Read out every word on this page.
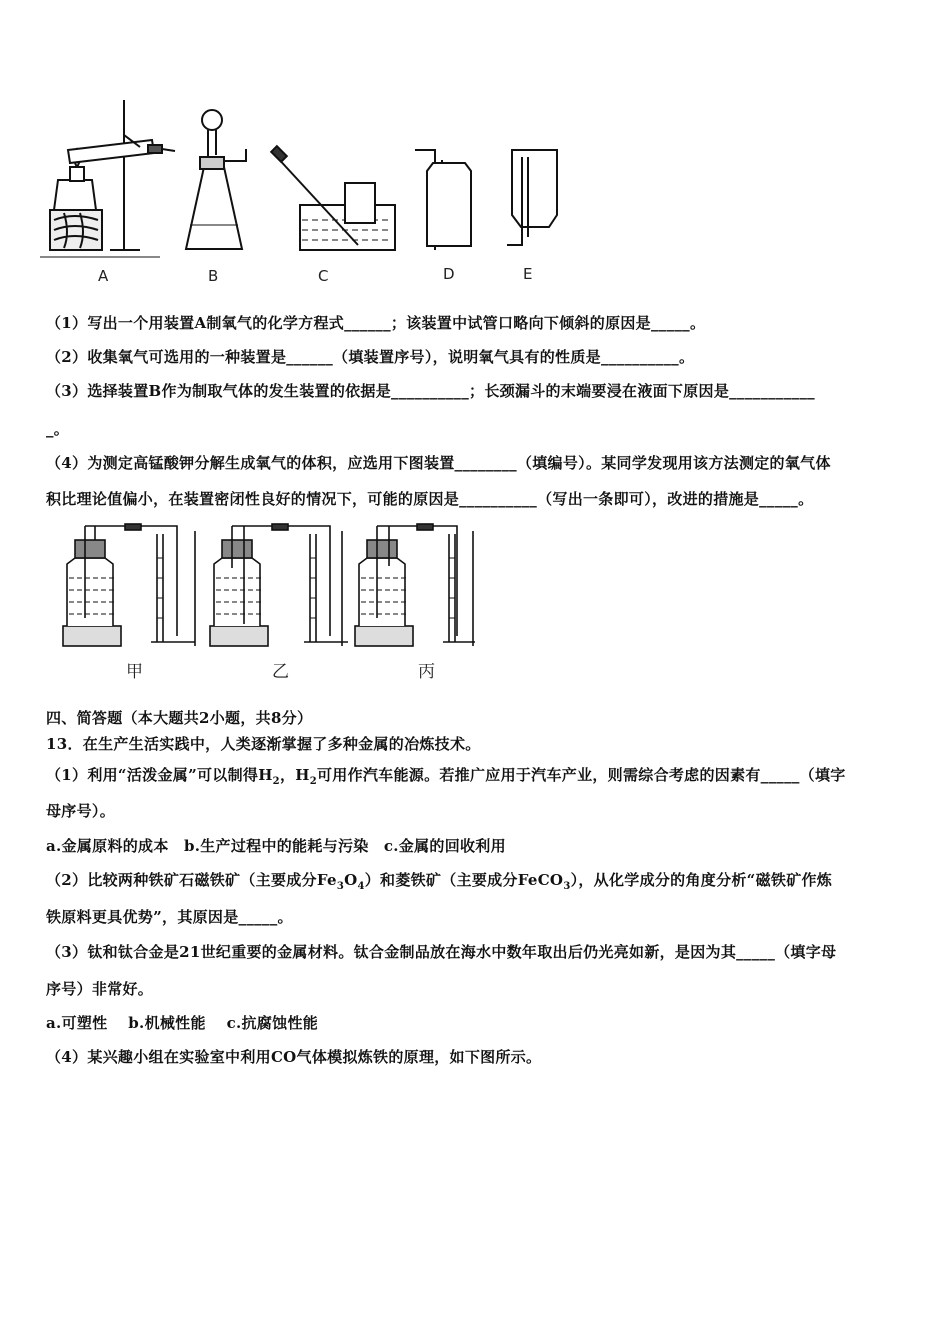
A	B	C	D	E
（1）写出一个用装置A制氧气的化学方程式______；该装置中试管口略向下倾斜的原因是_____。
（2）收集氧气可选用的一种装置是______（填装置序号），说明氧气具有的性质是__________。
（3）选择装置B作为制取气体的发生装置的依据是__________；长颈漏斗的末端要浸在液面下原因是___________
_。
（4）为测定高锰酸钾分解生成氧气的体积，应选用下图装置________（填编号）。某同学发现用该方法测定的氧气体
积比理论值偏小，在装置密闭性良好的情况下，可能的原因是__________（写出一条即可），改进的措施是_____。
甲	乙	丙
四、简答题（本大题共2小题，共8分）
13．在生产生活实践中，人类逐渐掌握了多种金属的冶炼技术。
（1）利用“活泼金属”可以制得$H_2$，$H_2$可用作汽车能源。若推广应用于汽车产业，则需综合考虑的因素有_____（填字
母序号）。
a.金属原料的成本　b.生产过程中的能耗与污染　c.金属的回收利用
（2）比较两种铁矿石磁铁矿（主要成分$Fe_3O_4$）和菱铁矿（主要成分FeCO$_3$），从化学成分的角度分析“磁铁矿作炼
铁原料更具优势”，其原因是_____。
（3）钛和钛合金是21世纪重要的金属材料。钛合金制品放在海水中数年取出后仍光亮如新，是因为其_____（填字母
序号）非常好。
a.可塑性　 b.机械性能　 c.抗腐蚀性能
（4）某兴趣小组在实验室中利用CO气体模拟炼铁的原理，如下图所示。
